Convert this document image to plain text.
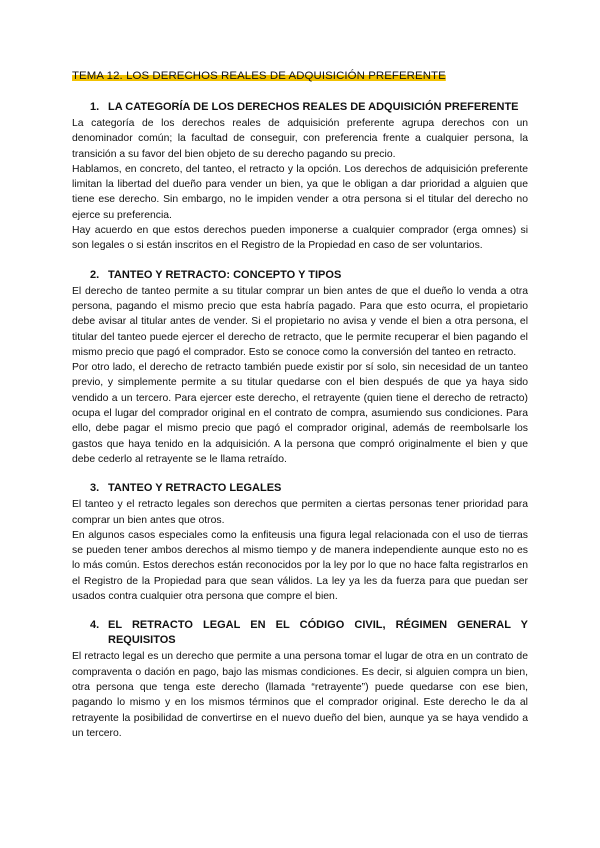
TEMA 12. LOS DERECHOS REALES DE ADQUISICIÓN PREFERENTE
1. LA CATEGORÍA DE LOS DERECHOS REALES DE ADQUISICIÓN PREFERENTE

La categoría de los derechos reales de adquisición preferente agrupa derechos con un denominador común; la facultad de conseguir, con preferencia frente a cualquier persona, la transición a su favor del bien objeto de su derecho pagando su precio.

Hablamos, en concreto, del tanteo, el retracto y la opción. Los derechos de adquisición preferente limitan la libertad del dueño para vender un bien, ya que le obligan a dar prioridad a alguien que tiene ese derecho. Sin embargo, no le impiden vender a otra persona si el titular del derecho no ejerce su preferencia.

Hay acuerdo en que estos derechos pueden imponerse a cualquier comprador (erga omnes) si son legales o si están inscritos en el Registro de la Propiedad en caso de ser voluntarios.

2. TANTEO Y RETRACTO: CONCEPTO Y TIPOS

El derecho de tanteo permite a su titular comprar un bien antes de que el dueño lo venda a otra persona, pagando el mismo precio que esta habría pagado. Para que esto ocurra, el propietario debe avisar al titular antes de vender. Si el propietario no avisa y vende el bien a otra persona, el titular del tanteo puede ejercer el derecho de retracto, que le permite recuperar el bien pagando el mismo precio que pagó el comprador. Esto se conoce como la conversión del tanteo en retracto.

Por otro lado, el derecho de retracto también puede existir por sí solo, sin necesidad de un tanteo previo, y simplemente permite a su titular quedarse con el bien después de que ya haya sido vendido a un tercero. Para ejercer este derecho, el retrayente (quien tiene el derecho de retracto) ocupa el lugar del comprador original en el contrato de compra, asumiendo sus condiciones. Para ello, debe pagar el mismo precio que pagó el comprador original, además de reembolsarle los gastos que haya tenido en la adquisición. A la persona que compró originalmente el bien y que debe cederlo al retrayente se le llama retraído.

3. TANTEO Y RETRACTO LEGALES

El tanteo y el retracto legales son derechos que permiten a ciertas personas tener prioridad para comprar un bien antes que otros.

En algunos casos especiales como la enfiteusis una figura legal relacionada con el uso de tierras se pueden tener ambos derechos al mismo tiempo y de manera independiente aunque esto no es lo más común. Estos derechos están reconocidos por la ley por lo que no hace falta registrarlos en el Registro de la Propiedad para que sean válidos. La ley ya les da fuerza para que puedan ser usados contra cualquier otra persona que compre el bien.

4. EL RETRACTO LEGAL EN EL CÓDIGO CIVIL, RÉGIMEN GENERAL Y REQUISITOS

El retracto legal es un derecho que permite a una persona tomar el lugar de otra en un contrato de compraventa o dación en pago, bajo las mismas condiciones. Es decir, si alguien compra un bien, otra persona que tenga este derecho (llamada “retrayente”) puede quedarse con ese bien, pagando lo mismo y en los mismos términos que el comprador original. Este derecho le da al retrayente la posibilidad de convertirse en el nuevo dueño del bien, aunque ya se haya vendido a un tercero.
